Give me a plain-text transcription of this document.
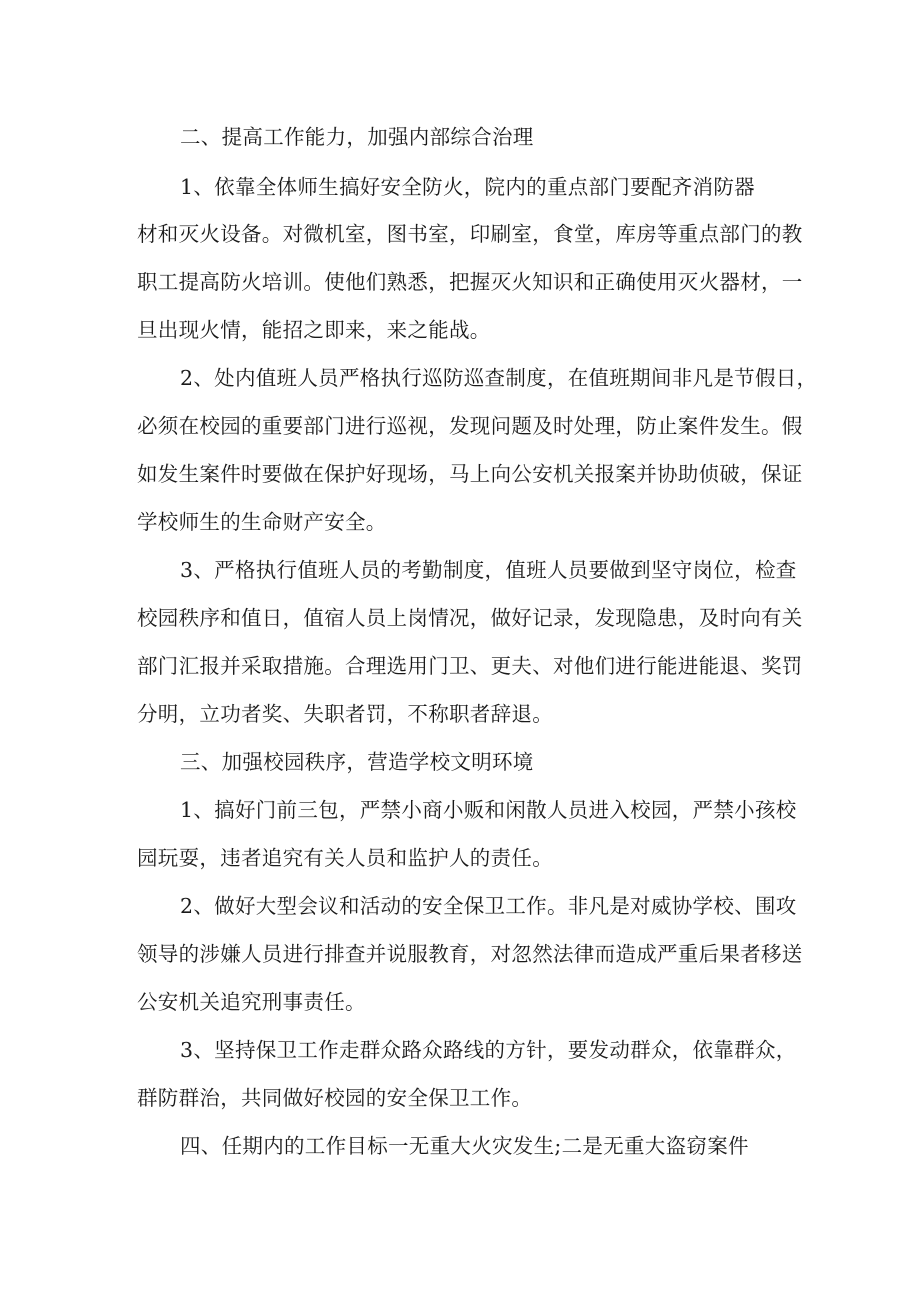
二、提高工作能力，加强内部综合治理
1、依靠全体师生搞好安全防火，院内的重点部门要配齐消防器
材和灭火设备。对微机室，图书室，印刷室，食堂，库房等重点部门的教
职工提高防火培训。使他们熟悉，把握灭火知识和正确使用灭火器材，一
旦出现火情，能招之即来，来之能战。
2、处内值班人员严格执行巡防巡查制度，在值班期间非凡是节假日，
必须在校园的重要部门进行巡视，发现问题及时处理，防止案件发生。假
如发生案件时要做在保护好现场，马上向公安机关报案并协助侦破，保证
学校师生的生命财产安全。
3、严格执行值班人员的考勤制度，值班人员要做到坚守岗位，检查
校园秩序和值日，值宿人员上岗情况，做好记录，发现隐患，及时向有关
部门汇报并采取措施。合理选用门卫、更夫、对他们进行能进能退、奖罚
分明，立功者奖、失职者罚，不称职者辞退。
三、加强校园秩序，营造学校文明环境
1、搞好门前三包，严禁小商小贩和闲散人员进入校园，严禁小孩校
园玩耍，违者追究有关人员和监护人的责任。
2、做好大型会议和活动的安全保卫工作。非凡是对威协学校、围攻
领导的涉嫌人员进行排查并说服教育，对忽然法律而造成严重后果者移送
公安机关追究刑事责任。
3、坚持保卫工作走群众路众路线的方针，要发动群众，依靠群众，
群防群治，共同做好校园的安全保卫工作。
四、任期内的工作目标一无重大火灾发生;二是无重大盗窃案件
